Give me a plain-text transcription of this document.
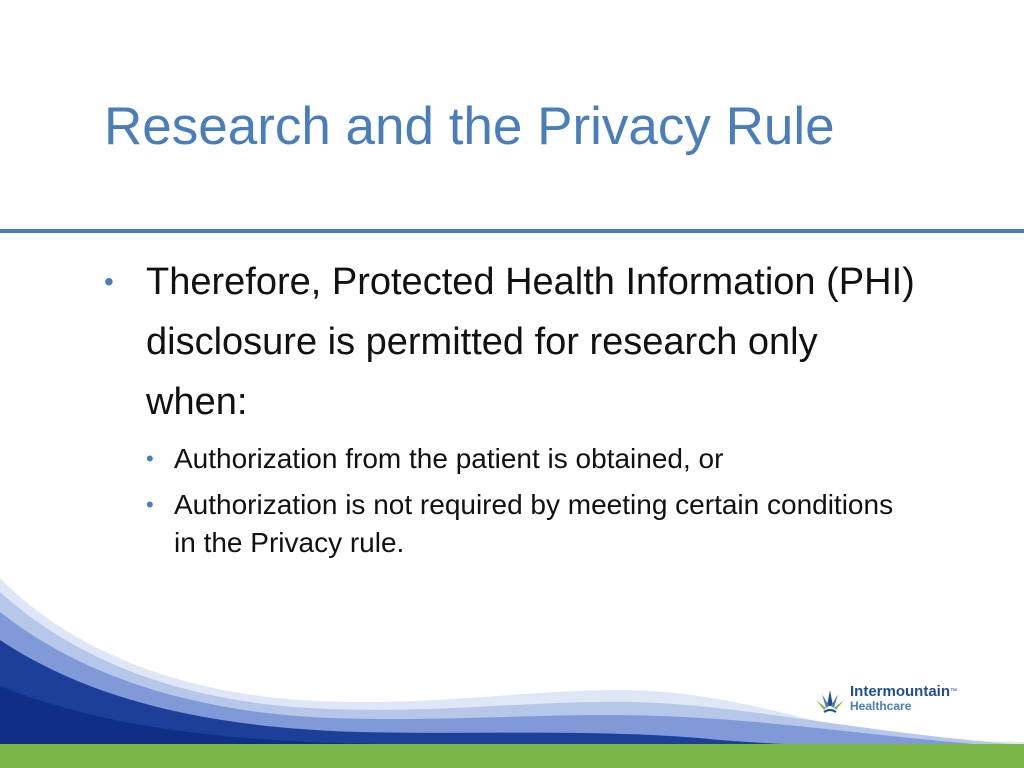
Research and the Privacy Rule
• Therefore, Protected Health Information (PHI) disclosure is permitted for research only when:
• Authorization from the patient is obtained, or
• Authorization is not required by meeting certain conditions in the Privacy rule.
Intermountain™
Healthcare
